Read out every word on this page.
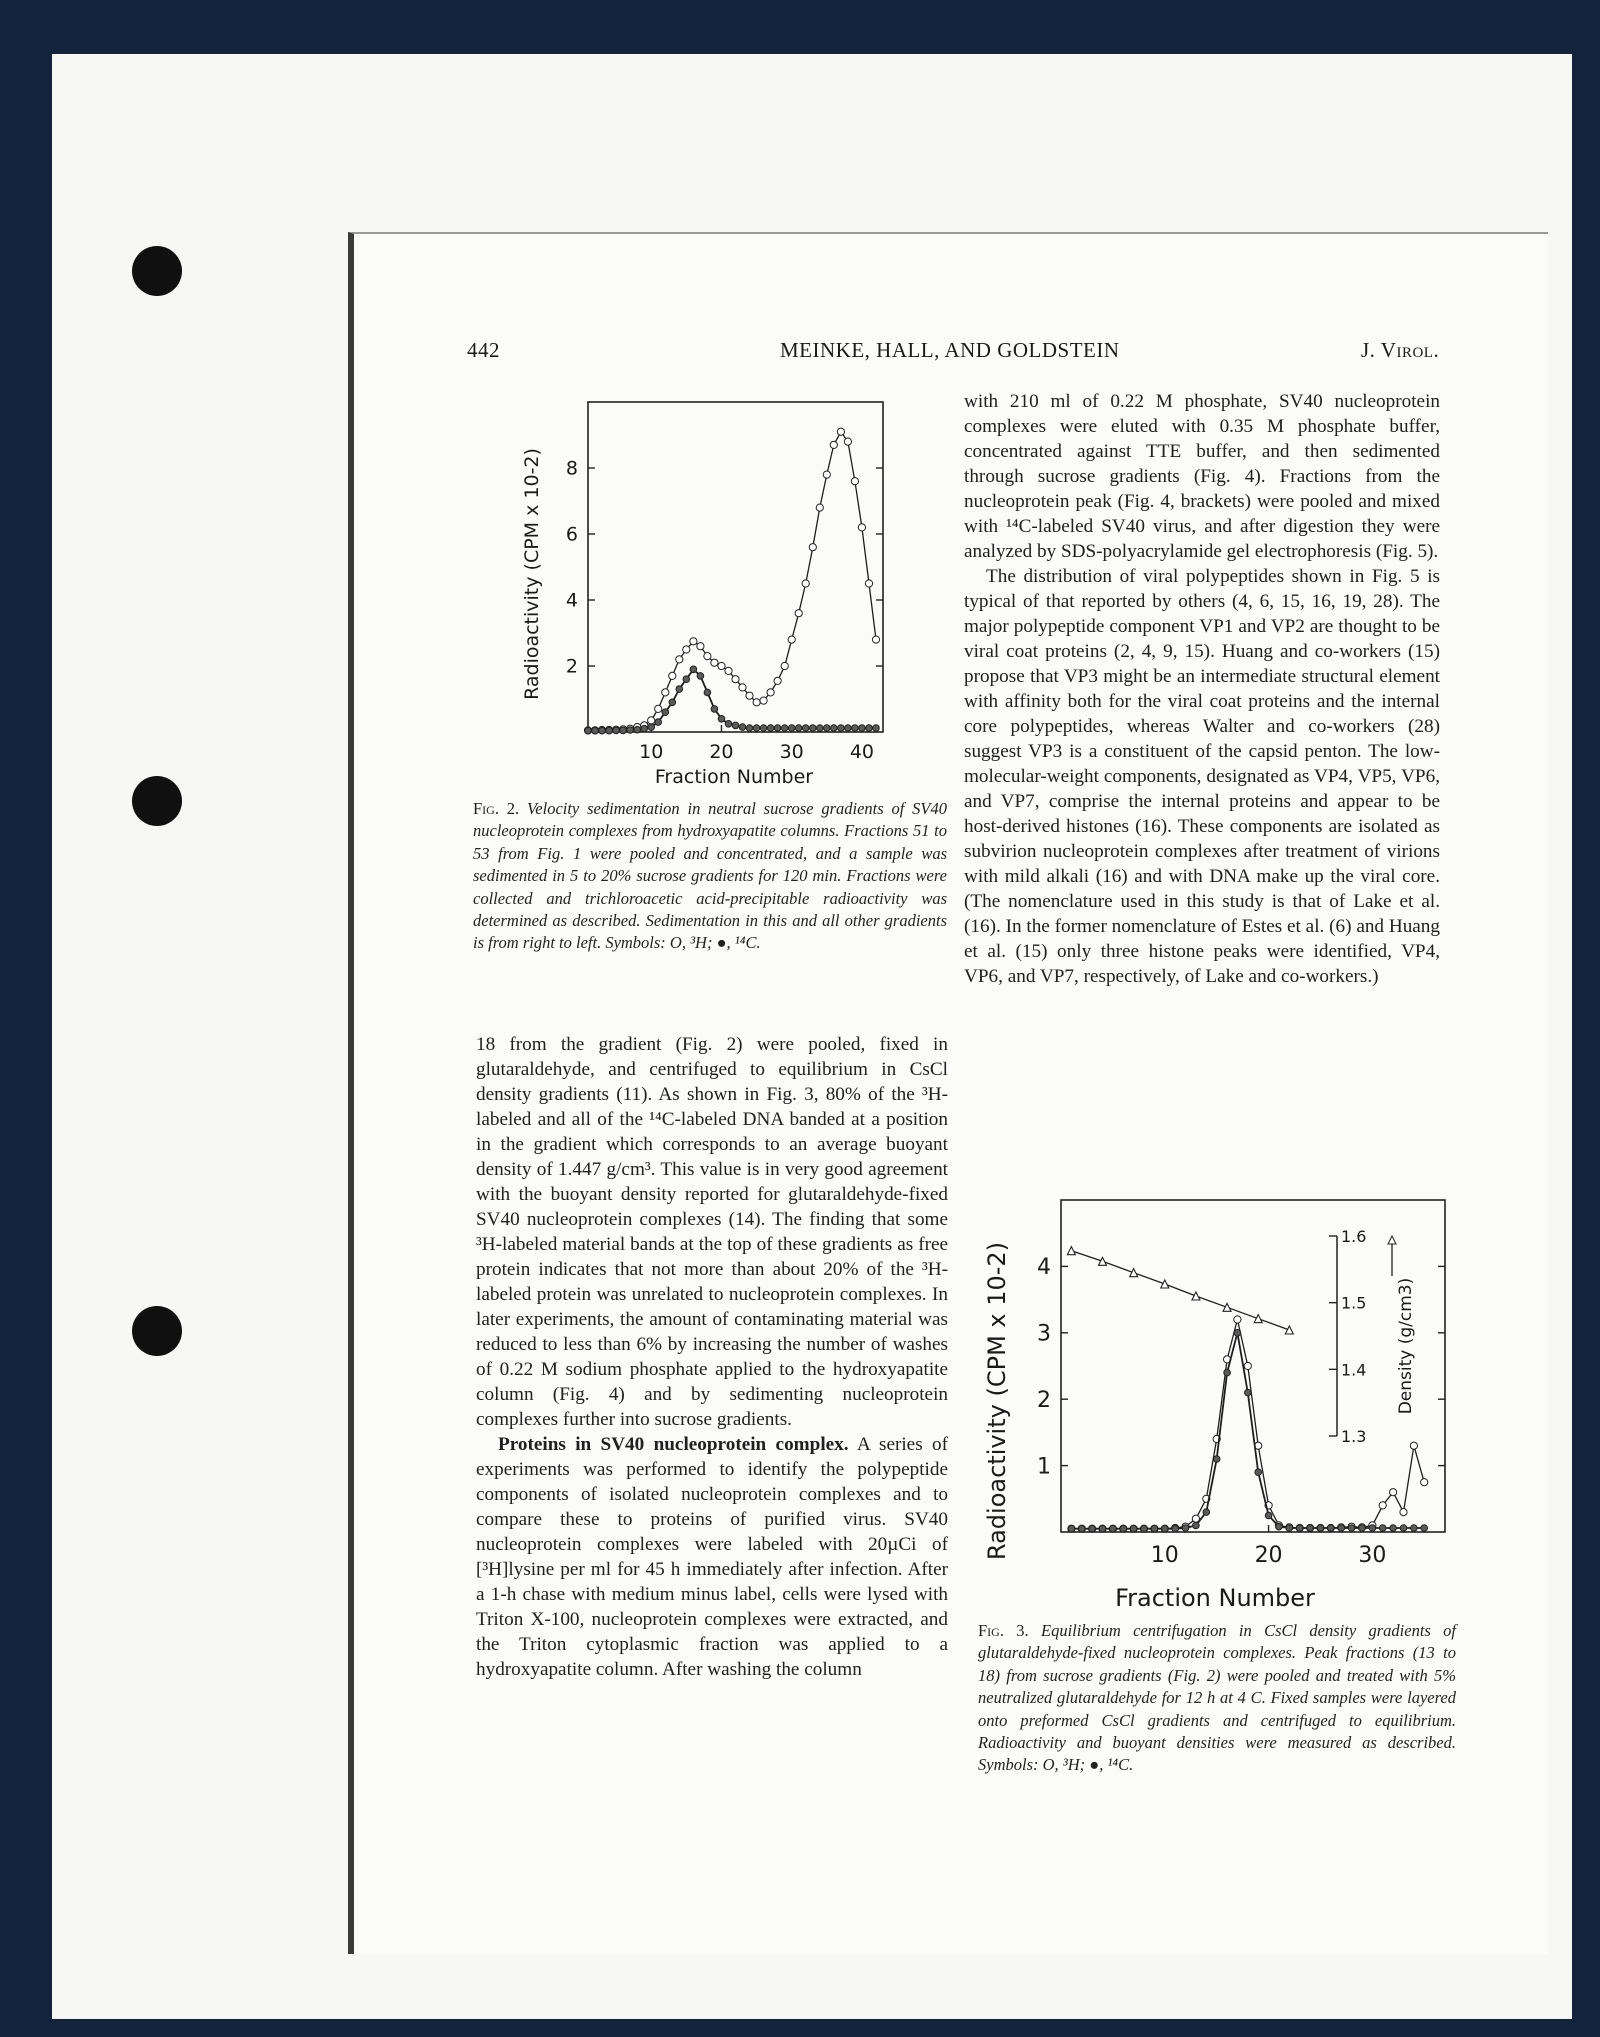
442	MEINKE, HALL, AND GOLDSTEIN	J. Virol.
10 20 30 40
2
4
6
8
Radioactivity (CPM x 10-2)
Fraction Number
Fig. 2. Velocity sedimentation in neutral sucrose gradients of SV40 nucleoprotein complexes from hydroxyapatite columns. Fractions 51 to 53 from Fig. 1 were pooled and concentrated, and a sample was sedimented in 5 to 20% sucrose gradients for 120 min. Fractions were collected and trichloroacetic acid-precipitable radioactivity was determined as described. Sedimentation in this and all other gradients is from right to left. Symbols: O, ³H; ●, ¹⁴C.

18 from the gradient (Fig. 2) were pooled, fixed in glutaraldehyde, and centrifuged to equilibrium in CsCl density gradients (11). As shown in Fig. 3, 80% of the ³H-labeled and all of the ¹⁴C-labeled DNA banded at a position in the gradient which corresponds to an average buoyant density of 1.447 g/cm³. This value is in very good agreement with the buoyant density reported for glutaraldehyde-fixed SV40 nucleoprotein complexes (14). The finding that some ³H-labeled material bands at the top of these gradients as free protein indicates that not more than about 20% of the ³H-labeled protein was unrelated to nucleoprotein complexes. In later experiments, the amount of contaminating material was reduced to less than 6% by increasing the number of washes of 0.22 M sodium phosphate applied to the hydroxyapatite column (Fig. 4) and by sedimenting nucleoprotein complexes further into sucrose gradients.

Proteins in SV40 nucleoprotein complex. A series of experiments was performed to identify the polypeptide components of isolated nucleoprotein complexes and to compare these to proteins of purified virus. SV40 nucleoprotein complexes were labeled with 20µCi of [³H]lysine per ml for 45 h immediately after infection. After a 1-h chase with medium minus label, cells were lysed with Triton X-100, nucleoprotein complexes were extracted, and the Triton cytoplasmic fraction was applied to a hydroxyapatite column. After washing the column

with 210 ml of 0.22 M phosphate, SV40 nucleoprotein complexes were eluted with 0.35 M phosphate buffer, concentrated against TTE buffer, and then sedimented through sucrose gradients (Fig. 4). Fractions from the nucleoprotein peak (Fig. 4, brackets) were pooled and mixed with ¹⁴C-labeled SV40 virus, and after digestion they were analyzed by SDS-polyacrylamide gel electrophoresis (Fig. 5).

The distribution of viral polypeptides shown in Fig. 5 is typical of that reported by others (4, 6, 15, 16, 19, 28). The major polypeptide component VP1 and VP2 are thought to be viral coat proteins (2, 4, 9, 15). Huang and co-workers (15) propose that VP3 might be an intermediate structural element with affinity both for the viral coat proteins and the internal core polypeptides, whereas Walter and co-workers (28) suggest VP3 is a constituent of the capsid penton. The low-molecular-weight components, designated as VP4, VP5, VP6, and VP7, comprise the internal proteins and appear to be host-derived histones (16). These components are isolated as subvirion nucleoprotein complexes after treatment of virions with mild alkali (16) and with DNA make up the viral core. (The nomenclature used in this study is that of Lake et al. (16). In the former nomenclature of Estes et al. (6) and Huang et al. (15) only three histone peaks were identified, VP4, VP6, and VP7, respectively, of Lake and co-workers.)

10	20	30
1
2
3
4
1.3
1.4
1.5
1.6
Radioactivity (CPM x 10-2)	Density (g/cm3)
Fraction Number
Fig. 3. Equilibrium centrifugation in CsCl density gradients of glutaraldehyde-fixed nucleoprotein complexes. Peak fractions (13 to 18) from sucrose gradients (Fig. 2) were pooled and treated with 5% neutralized glutaraldehyde for 12 h at 4 C. Fixed samples were layered onto preformed CsCl gradients and centrifuged to equilibrium. Radioactivity and buoyant densities were measured as described. Symbols: O, ³H; ●, ¹⁴C.
